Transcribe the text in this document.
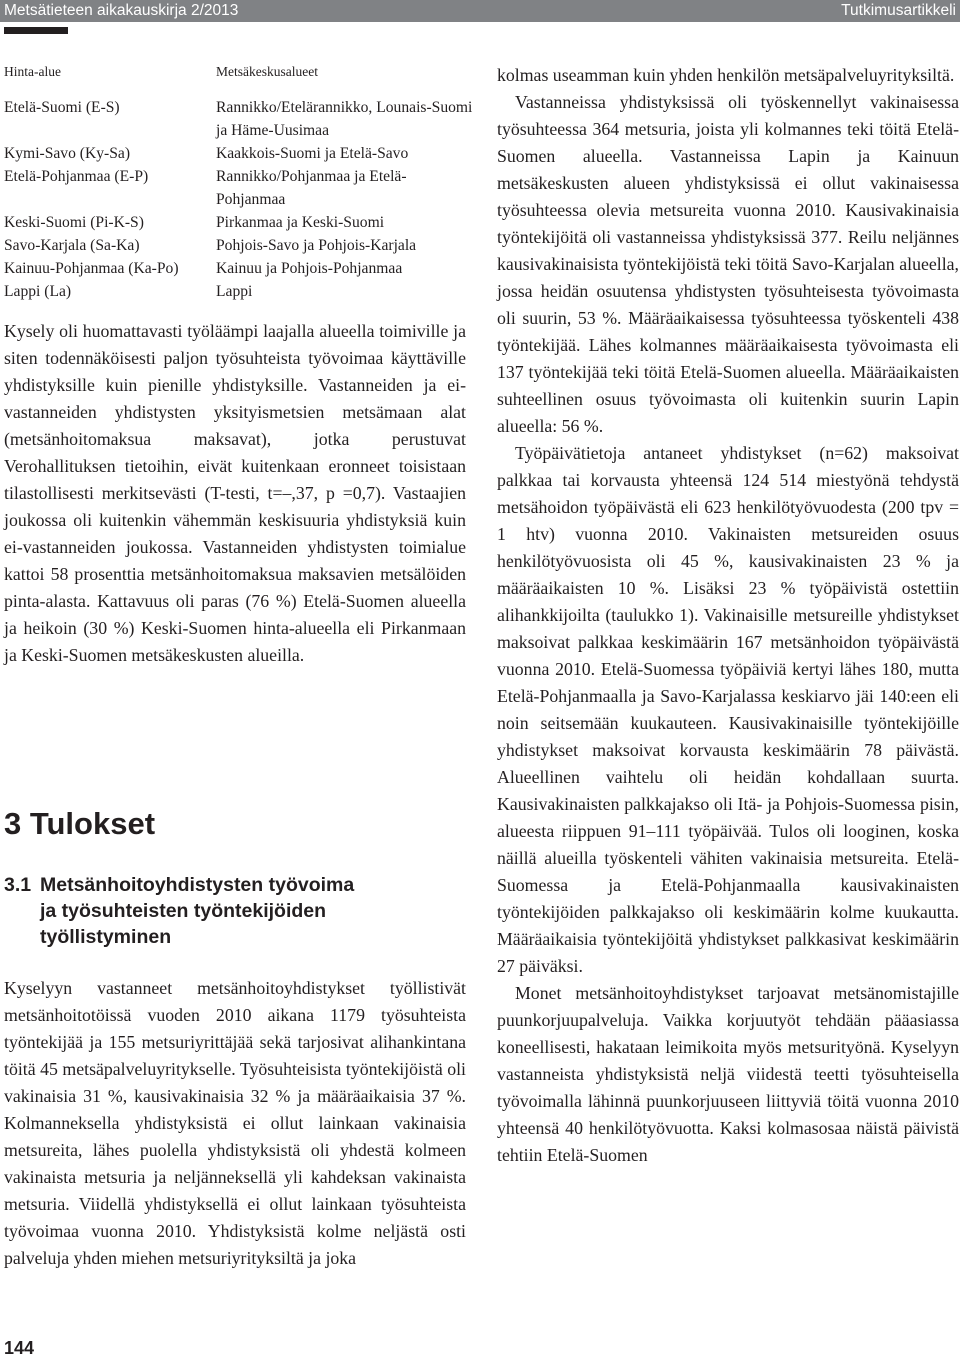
Metsätieteen aikakauskirja 2/2013	Tutkimusartikkeli
Hinta-alue	Metsäkeskusalueet
Etelä-Suomi (E-S)	Rannikko/Etelärannikko, Lounais-Suomi ja Häme-Uusimaa
Kymi-Savo (Ky-Sa)	Kaakkois-Suomi ja Etelä-Savo
Etelä-Pohjanmaa (E-P)	Rannikko/Pohjanmaa ja Etelä-Pohjanmaa
Keski-Suomi (Pi-K-S)	Pirkanmaa ja Keski-Suomi
Savo-Karjala (Sa-Ka)	Pohjois-Savo ja Pohjois-Karjala
Kainuu-Pohjanmaa (Ka-Po)	Kainuu ja Pohjois-Pohjanmaa
Lappi (La)	Lappi

Kysely oli huomattavasti työläämpi laajalla alueella toimiville ja siten todennäköisesti paljon työsuhteista työvoimaa käyttäville yhdistyksille kuin pienille yhdistyksille. Vastanneiden ja ei-vastanneiden yhdistysten yksityismetsien metsämaan alat (metsänhoitomaksua maksavat), jotka perustuvat Verohallituksen tietoihin, eivät kuitenkaan eronneet toisistaan tilastollisesti merkitsevästi (T-testi, t=–,37, p =0,7). Vastaajien joukossa oli kuitenkin vähemmän keskisuuria yhdistyksiä kuin ei-vastanneiden joukossa. Vastanneiden yhdistysten toimialue kattoi 58 prosenttia metsänhoitomaksua maksavien metsälöiden pinta-alasta. Kattavuus oli paras (76 %) Etelä-Suomen alueella ja heikoin (30 %) Keski-Suomen hinta-alueella eli Pirkanmaan ja Keski-Suomen metsäkeskusten alueilla.

3 Tulokset
3.1 Metsänhoitoyhdistysten työvoima
ja työsuhteisten työntekijöiden
työllistyminen

Kyselyyn vastanneet metsänhoitoyhdistykset työllistivät metsänhoitotöissä vuoden 2010 aikana 1179 työsuhteista työntekijää ja 155 metsuriyrittäjää sekä tarjosivat alihankintana töitä 45 metsäpalveluyritykselle. Työsuhteisista työntekijöistä oli vakinaisia 31 %, kausivakinaisia 32 % ja määräaikaisia 37 %. Kolmanneksella yhdistyksistä ei ollut lainkaan vakinaisia metsureita, lähes puolella yhdistyksistä oli yhdestä kolmeen vakinaista metsuria ja neljänneksellä yli kahdeksan vakinaista metsuria. Viidellä yhdistyksellä ei ollut lainkaan työsuhteista työvoimaa vuonna 2010. Yhdistyksistä kolme neljästä osti palveluja yhden miehen metsuriyrityksiltä ja joka

kolmas useamman kuin yhden henkilön metsäpalveluyrityksiltä.

Vastanneissa yhdistyksissä oli työskennellyt vakinaisessa työsuhteessa 364 metsuria, joista yli kolmannes teki töitä Etelä-Suomen alueella. Vastanneissa Lapin ja Kainuun metsäkeskusten alueen yhdistyksissä ei ollut vakinaisessa työsuhteessa olevia metsureita vuonna 2010. Kausivakinaisia työntekijöitä oli vastanneissa yhdistyksissä 377. Reilu neljännes kausivakinaisista työntekijöistä teki töitä Savo-Karjalan alueella, jossa heidän osuutensa yhdistysten työsuhteisesta työvoimasta oli suurin, 53 %. Määräaikaisessa työsuhteessa työskenteli 438 työntekijää. Lähes kolmannes määräaikaisesta työvoimasta eli 137 työntekijää teki töitä Etelä-Suomen alueella. Määräaikaisten suhteellinen osuus työvoimasta oli kuitenkin suurin Lapin alueella: 56 %.

Työpäivätietoja antaneet yhdistykset (n=62) maksoivat palkkaa tai korvausta yhteensä 124 514 miestyönä tehdystä metsähoidon työpäivästä eli 623 henkilötyövuodesta (200 tpv = 1 htv) vuonna 2010. Vakinaisten metsureiden osuus henkilötyövuosista oli 45 %, kausivakinaisten 23 % ja määräaikaisten 10 %. Lisäksi 23 % työpäivistä ostettiin alihankkijoilta (taulukko 1). Vakinaisille metsureille yhdistykset maksoivat palkkaa keskimäärin 167 metsänhoidon työpäivästä vuonna 2010. Etelä-Suomessa työpäiviä kertyi lähes 180, mutta Etelä-Pohjanmaalla ja Savo-Karjalassa keskiarvo jäi 140:een eli noin seitsemään kuukauteen. Kausivakinaisille työntekijöille yhdistykset maksoivat korvausta keskimäärin 78 päivästä. Alueellinen vaihtelu oli heidän kohdallaan suurta. Kausivakinaisten palkkajakso oli Itä- ja Pohjois-Suomessa pisin, alueesta riippuen 91–111 työpäivää. Tulos oli looginen, koska näillä alueilla työskenteli vähiten vakinaisia metsureita. Etelä-Suomessa ja Etelä-Pohjanmaalla kausivakinaisten työntekijöiden palkkajakso oli keskimäärin kolme kuukautta. Määräaikaisia työntekijöitä yhdistykset palkkasivat keskimäärin 27 päiväksi.

Monet metsänhoitoyhdistykset tarjoavat metsänomistajille puunkorjuupalveluja. Vaikka korjuutyöt tehdään pääasiassa koneellisesti, hakataan leimikoita myös metsurityönä. Kyselyyn vastanneista yhdistyksistä neljä viidestä teetti työsuhteisella työvoimalla lähinnä puunkorjuuseen liittyviä töitä vuonna 2010 yhteensä 40 henkilötyövuotta. Kaksi kolmasosaa näistä päivistä tehtiin Etelä-Suomen

144
